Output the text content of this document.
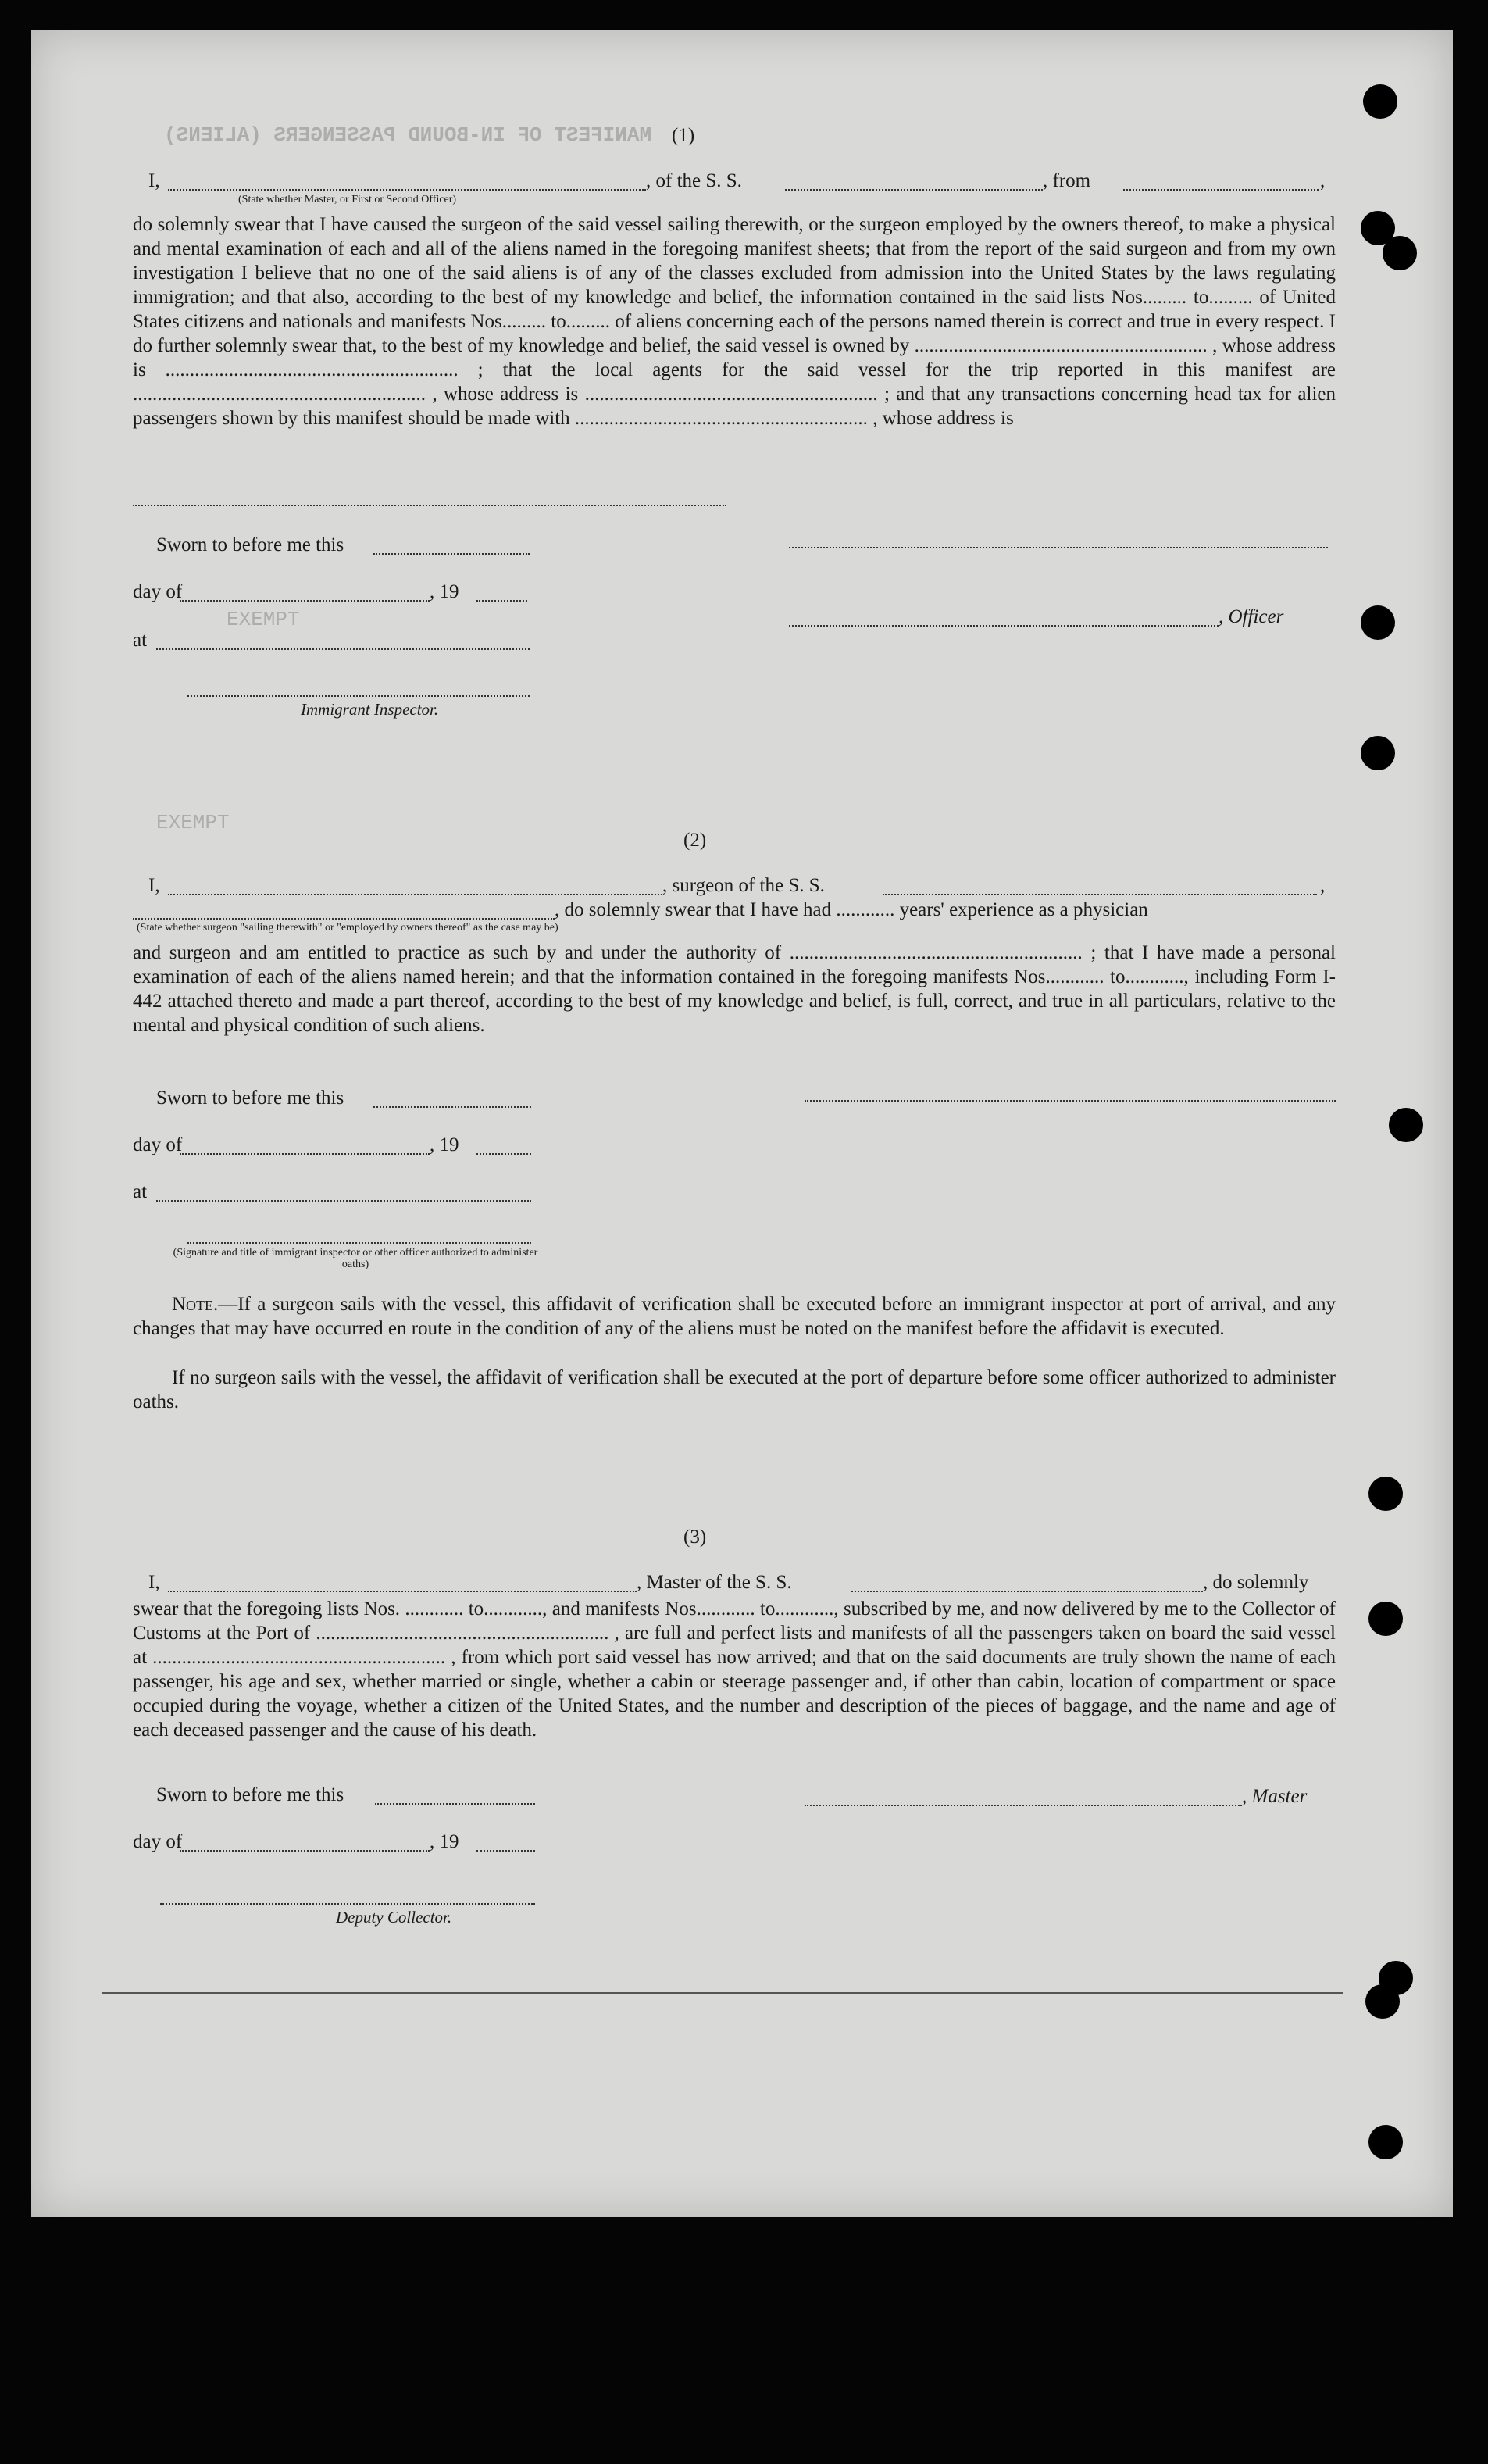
MANIFEST OF IN-BOUND PASSENGERS (ALIENS)
EXEMPT
EXEMPT
(1)
I,	, of the S. S.	, from	,
(State whether Master, or First or Second Officer)
do solemnly swear that I have caused the surgeon of the said vessel sailing therewith, or the surgeon employed by the owners thereof, to make a physical and mental examination of each and all of the aliens named in the foregoing manifest sheets; that from the report of the said surgeon and from my own investigation I believe that no one of the said aliens is of any of the classes excluded from admission into the United States by the laws regulating immigration; and that also, according to the best of my knowledge and belief, the information contained in the said lists Nos......... to......... of United States citizens and nationals and manifests Nos......... to......... of aliens concerning each of the persons named therein is correct and true in every respect. I do further solemnly swear that, to the best of my knowledge and belief, the said vessel is owned by ............................................................ , whose address is ............................................................ ; that the local agents for the said vessel for the trip reported in this manifest are ............................................................ , whose address is ............................................................ ; and that any transactions concerning head tax for alien passengers shown by this manifest should be made with ............................................................ , whose address is
Sworn to before me this
day of	, 19
, Officer
at
Immigrant Inspector.
(2)
I,	, surgeon of the S. S.	,
, do solemnly swear that I have had ............ years' experience as a physician
(State whether surgeon "sailing therewith" or "employed by owners thereof" as the case may be)
and surgeon and am entitled to practice as such by and under the authority of ............................................................ ; that I have made a personal examination of each of the aliens named herein; and that the information contained in the foregoing manifests Nos............ to............, including Form I-442 attached thereto and made a part thereof, according to the best of my knowledge and belief, is full, correct, and true in all particulars, relative to the mental and physical condition of such aliens.
Sworn to before me this
day of	, 19
at
(Signature and title of immigrant inspector or other officer authorized to administer oaths)
Note.—If a surgeon sails with the vessel, this affidavit of verification shall be executed before an immigrant inspector at port of arrival, and any changes that may have occurred en route in the condition of any of the aliens must be noted on the manifest before the affidavit is executed.
If no surgeon sails with the vessel, the affidavit of verification shall be executed at the port of departure before some officer authorized to administer oaths.
(3)
I,	, Master of the S. S.	, do solemnly
swear that the foregoing lists Nos. ............ to............, and manifests Nos............ to............, subscribed by me, and now delivered by me to the Collector of Customs at the Port of ............................................................ , are full and perfect lists and manifests of all the passengers taken on board the said vessel at ............................................................ , from which port said vessel has now arrived; and that on the said documents are truly shown the name of each passenger, his age and sex, whether married or single, whether a cabin or steerage passenger and, if other than cabin, location of compartment or space occupied during the voyage, whether a citizen of the United States, and the number and description of the pieces of baggage, and the name and age of each deceased passenger and the cause of his death.
Sworn to before me this	, Master
day of	, 19
Deputy Collector.
